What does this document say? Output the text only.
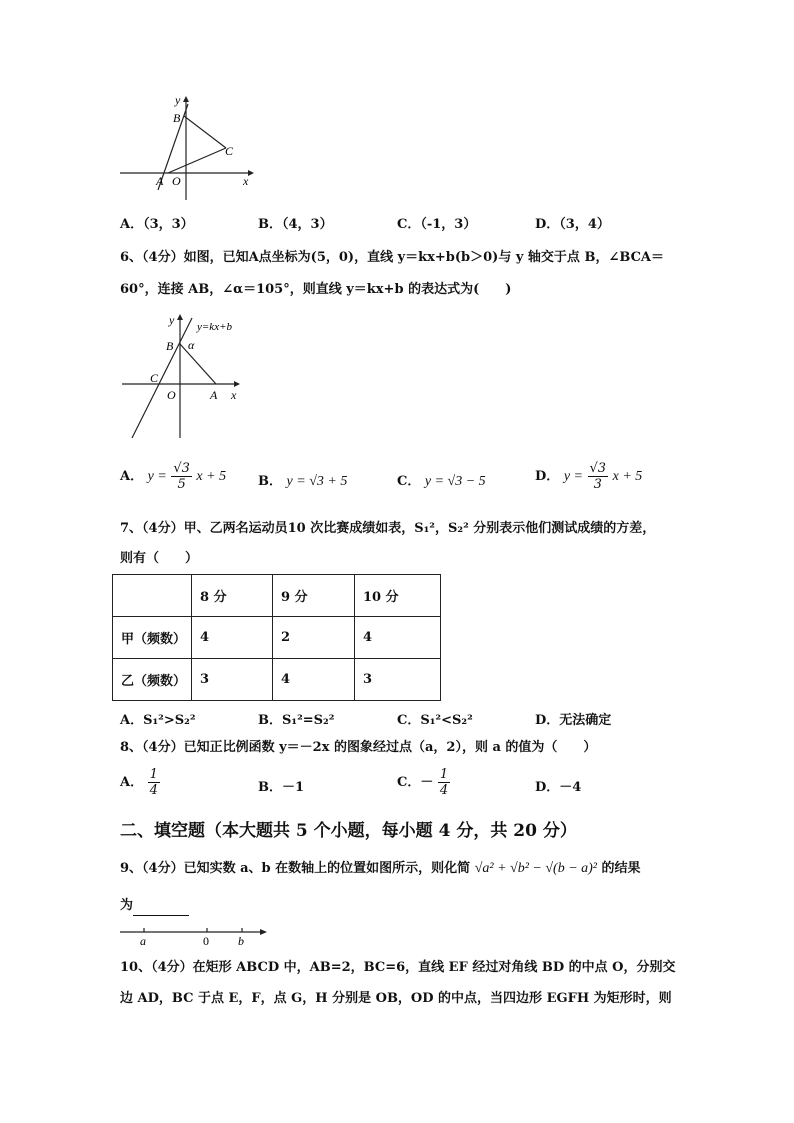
y
x
B
C
A O
A．（3，3）	B．（4，3）	C．（-1，3）	D．（3，4）
6、（4分）如图，已知A点坐标为(5，0)，直线 y＝kx+b(b＞0)与 y 轴交于点 B，∠BCA＝
60°，连接 AB，∠α＝105°，则直线 y＝kx+b 的表达式为(　　)
y y=kx+b
B α
C
O	A x
A． $y = \frac{√3}{5}$ x + 5 B． y = √3 + 5	C． y = √3 − 5	D． $y = \frac{√3}{3}$ x + 5
7、（4分）甲、乙两名运动员10 次比赛成绩如表，S₁²，S₂² 分别表示他们测试成绩的方差，
则有（　　）
	8 分	9 分	10 分
甲（频数）	4	2	4
乙（频数）	3	4	3
A．S₁²>S₂²	B．S₁²=S₂²	C．S₁²<S₂²	D．无法确定
8、（4分）已知正比例函数 y＝－2x 的图象经过点（a，2），则 a 的值为（　　）
A． $\frac{1}{4}$	B．－1	C．－ $\frac{1}{4}$	D．－4
二、填空题（本大题共 5 个小题，每小题 4 分，共 20 分）
9、（4分）已知实数 a、b 在数轴上的位置如图所示，则化简 √a² + √b² − √(b − a)² 的结果
为
a	0 b
10、（4分）在矩形 ABCD 中，AB=2，BC=6，直线 EF 经过对角线 BD 的中点 O，分别交
边 AD，BC 于点 E，F，点 G，H 分别是 OB，OD 的中点，当四边形 EGFH 为矩形时，则
